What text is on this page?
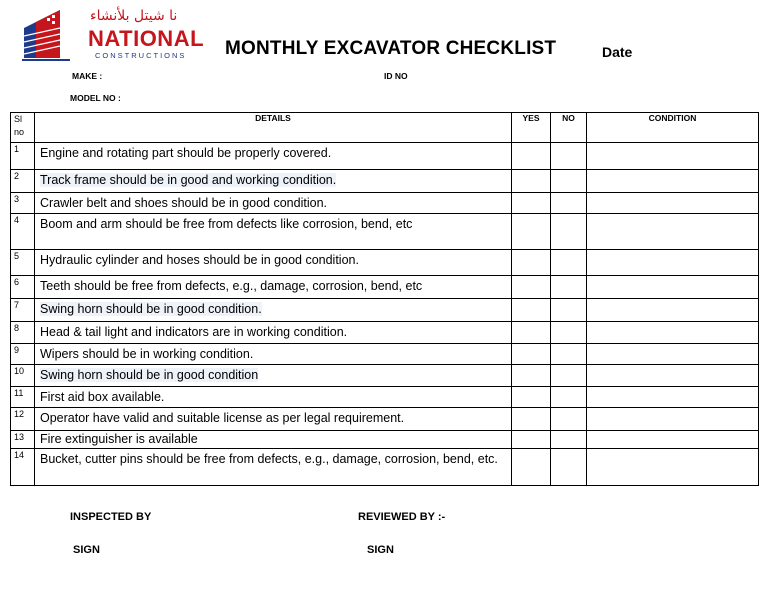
نا شيتل بلأنشاء
NATIONAL
CONSTRUCTIONS MONTHLY EXCAVATOR CHECKLIST	Date
MAKE :	ID NO
MODEL NO :
Sl
no	DETAILS	YES	NO	CONDITION
1	Engine and rotating part should be properly covered.			
2	Track frame should be in good and working condition.			
3	Crawler belt and shoes should be in good condition.			
4	Boom and arm should be free from defects like corrosion, bend, etc			
5	Hydraulic cylinder and hoses should be in good condition.			
6	Teeth should be free from defects, e.g., damage, corrosion, bend, etc			
7	Swing horn should be in good condition.			
8	Head & tail light and indicators are in working condition.			
9	Wipers should be in working condition.			
10	Swing horn should be in good condition			
11	First aid box available.			
12	Operator have valid and suitable license as per legal requirement.			
13	Fire extinguisher is available			
14	Bucket, cutter pins should be free from defects, e.g., damage, corrosion, bend, etc.			
INSPECTED BY	REVIEWED BY :-
SIGN	SIGN
